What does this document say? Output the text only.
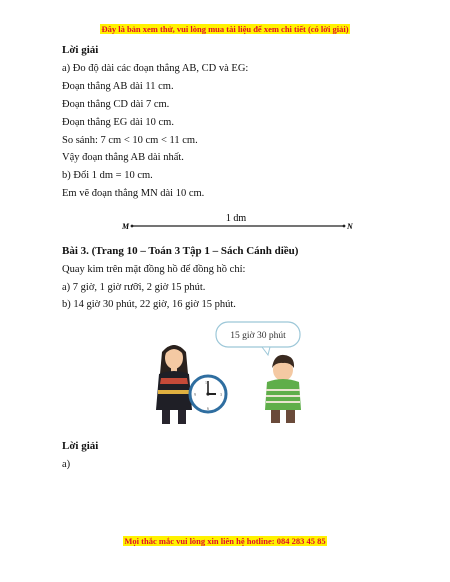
Đây là bản xem thử, vui lòng mua tài liệu để xem chi tiết (có lời giải)
Lời giải
a) Đo độ dài các đoạn thẳng AB, CD và EG:
Đoạn thẳng AB dài 11 cm.
Đoạn thẳng CD dài 7 cm.
Đoạn thẳng EG dài 10 cm.
So sánh: 7 cm < 10 cm < 11 cm.
Vậy đoạn thẳng AB dài nhất.
b) Đổi 1 dm = 10 cm.
Em vẽ đoạn thẳng MN dài 10 cm.
1 dm
M	N
Bài 3. (Trang 10 – Toán 3 Tập 1 – Sách Cánh diều)
Quay kim trên mặt đồng hồ để đồng hồ chỉ:
a) 7 giờ, 1 giờ rưỡi, 2 giờ 15 phút.
b) 14 giờ 30 phút, 22 giờ, 16 giờ 15 phút.
15 giờ 30 phút
12
3
6
9
Lời giải
a)
Mọi thắc mắc vui lòng xin liên hệ hotline: 084 283 45 85
